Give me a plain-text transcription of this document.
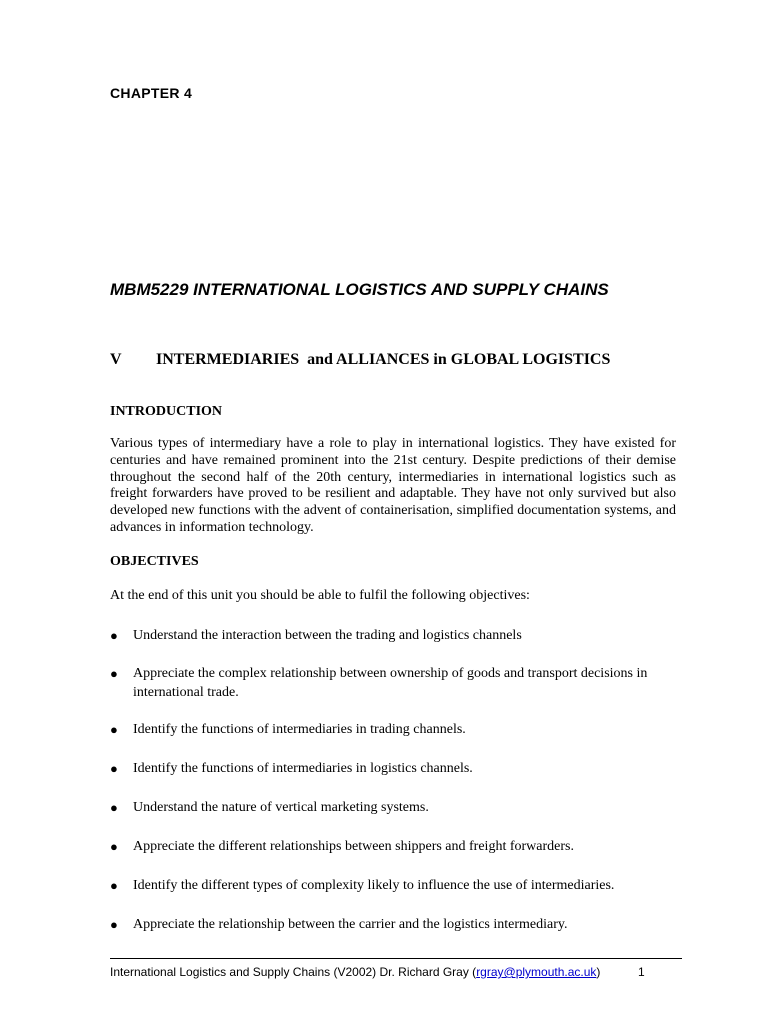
CHAPTER 4
MBM5229 INTERNATIONAL LOGISTICS AND SUPPLY CHAINS
V INTERMEDIARIES and ALLIANCES in GLOBAL LOGISTICS
INTRODUCTION
Various types of intermediary have a role to play in international logistics. They have existed for centuries and have remained prominent into the 21st century. Despite predictions of their demise throughout the second half of the 20th century, intermediaries in international logistics such as freight forwarders have proved to be resilient and adaptable. They have not only survived but also developed new functions with the advent of containerisation, simplified documentation systems, and advances in information technology.
OBJECTIVES
At the end of this unit you should be able to fulfil the following objectives:
● Understand the interaction between the trading and logistics channels
● Appreciate the complex relationship between ownership of goods and transport decisions in international trade.
● Identify the functions of intermediaries in trading channels.
● Identify the functions of intermediaries in logistics channels.
● Understand the nature of vertical marketing systems.
● Appreciate the different relationships between shippers and freight forwarders.
● Identify the different types of complexity likely to influence the use of intermediaries.
● Appreciate the relationship between the carrier and the logistics intermediary.
International Logistics and Supply Chains (V2002) Dr. Richard Gray (rgray@plymouth.ac.uk)	1
